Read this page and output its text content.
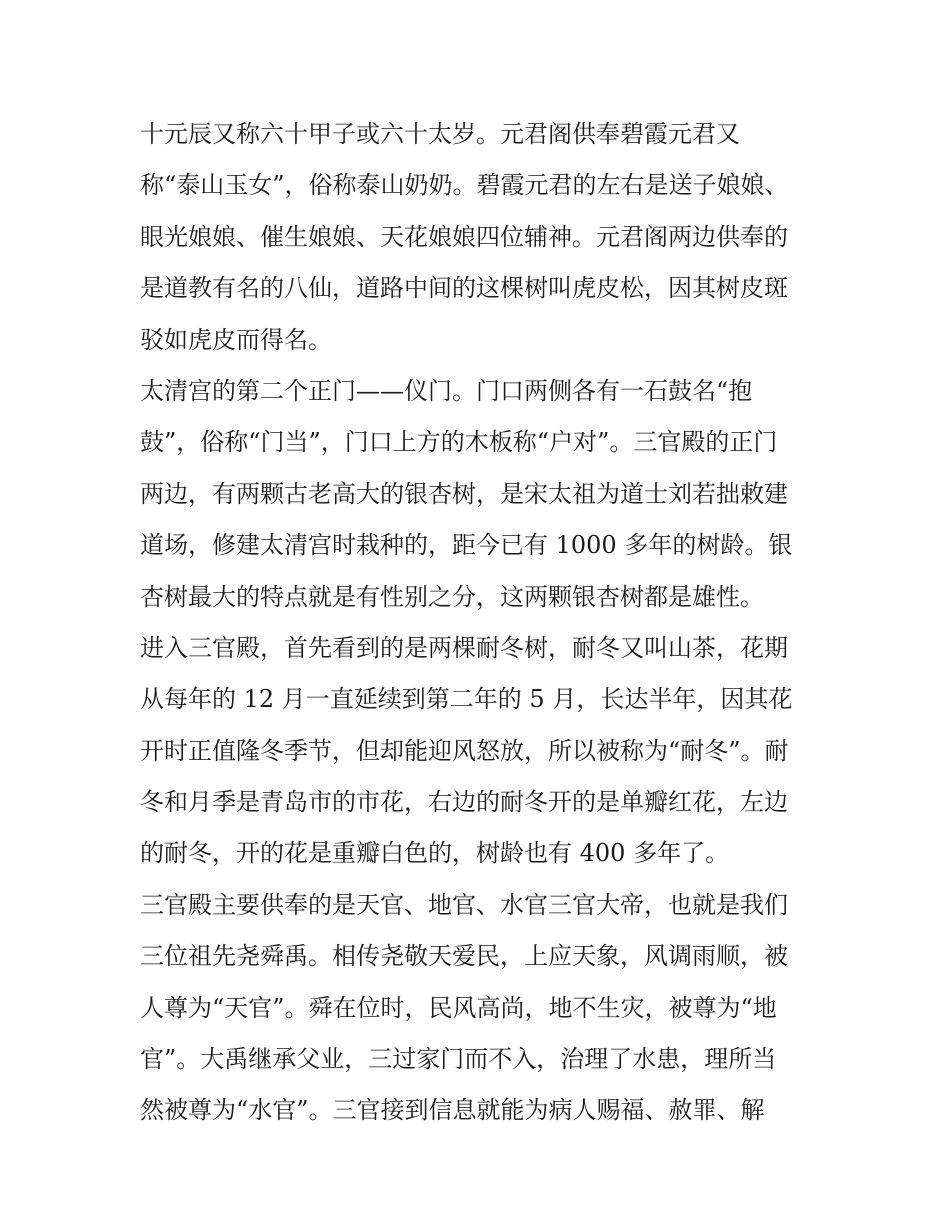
十元辰又称六十甲子或六十太岁。元君阁供奉碧霞元君又
称“泰山玉女”，俗称泰山奶奶。碧霞元君的左右是送子娘娘、
眼光娘娘、催生娘娘、天花娘娘四位辅神。元君阁两边供奉的
是道教有名的八仙，道路中间的这棵树叫虎皮松，因其树皮斑
驳如虎皮而得名。
太清宫的第二个正门——仪门。门口两侧各有一石鼓名“抱
鼓”，俗称“门当”，门口上方的木板称“户对”。三官殿的正门
两边，有两颗古老高大的银杏树，是宋太祖为道士刘若拙敕建
道场，修建太清宫时栽种的，距今已有 1000 多年的树龄。银
杏树最大的特点就是有性别之分，这两颗银杏树都是雄性。
进入三官殿，首先看到的是两棵耐冬树，耐冬又叫山茶，花期
从每年的 12 月一直延续到第二年的 5 月，长达半年，因其花
开时正值隆冬季节，但却能迎风怒放，所以被称为“耐冬”。耐
冬和月季是青岛市的市花，右边的耐冬开的是单瓣红花，左边
的耐冬，开的花是重瓣白色的，树龄也有 400 多年了。
三官殿主要供奉的是天官、地官、水官三官大帝，也就是我们
三位祖先尧舜禹。相传尧敬天爱民，上应天象，风调雨顺，被
人尊为“天官”。舜在位时，民风高尚，地不生灾，被尊为“地
官”。大禹继承父业，三过家门而不入，治理了水患，理所当
然被尊为“水官”。三官接到信息就能为病人赐福、赦罪、解
